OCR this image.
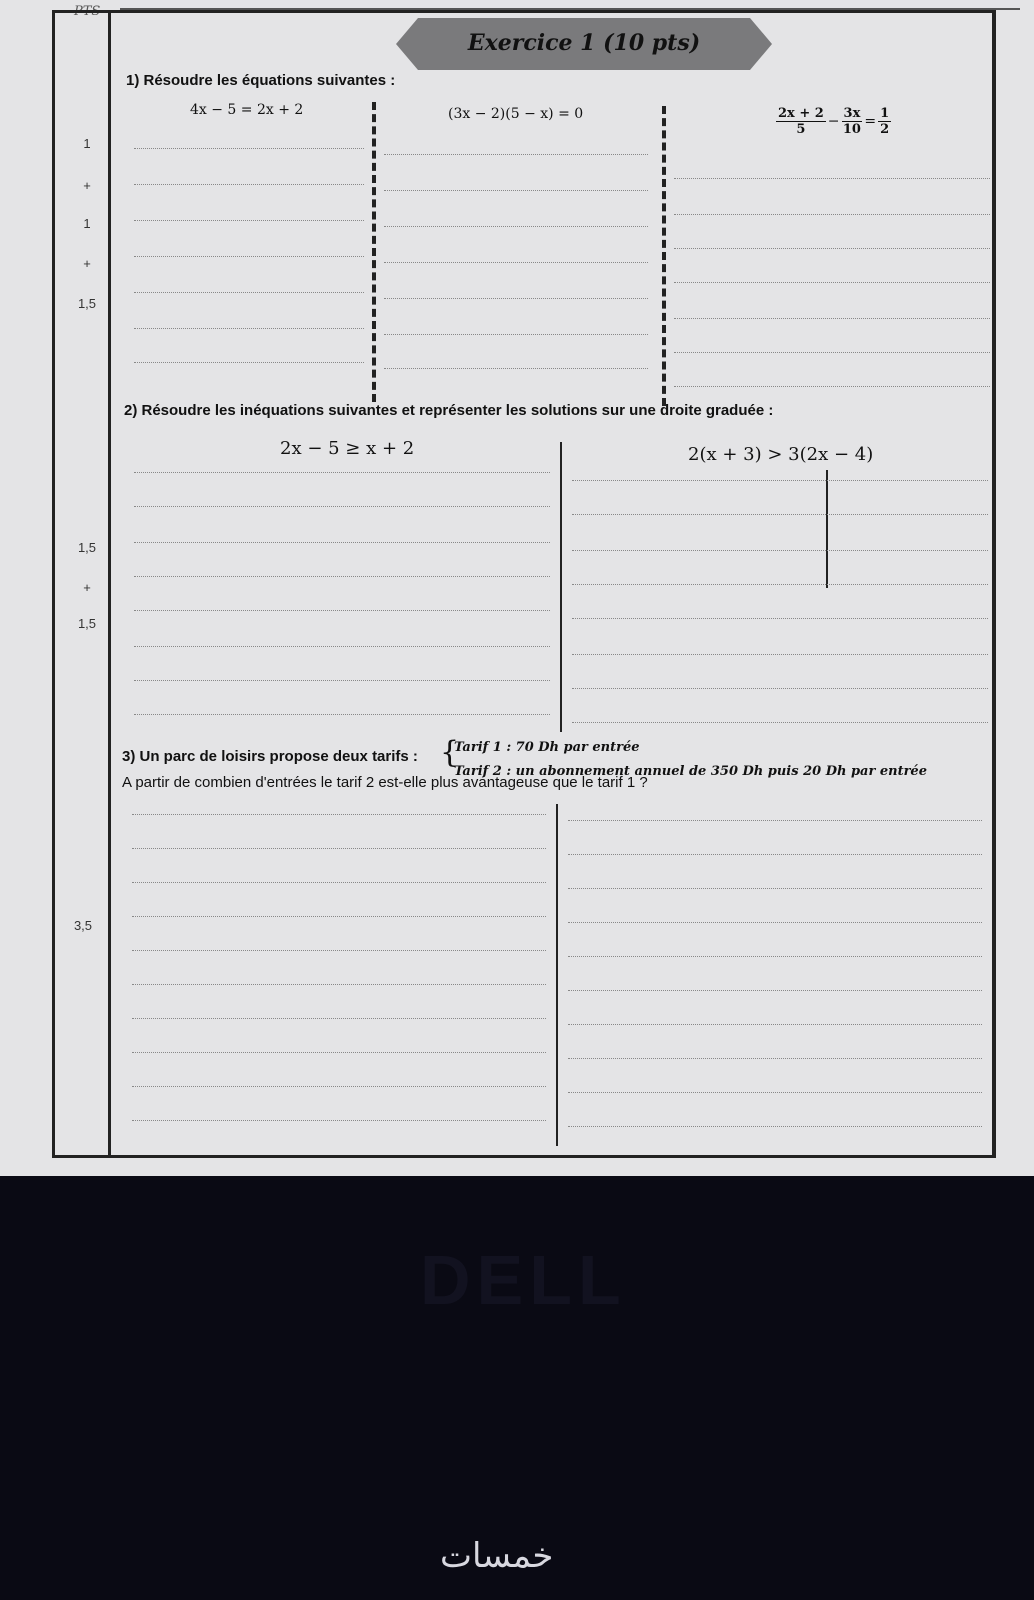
PTS
1
+
1
+
1,5
1,5
+
1,5
3,5
Exercice 1 (10 pts)
1) Résoudre les équations suivantes :
4x − 5 = 2x + 2	(3x − 2)(5 − x) = 0	$\frac{2x + 2}{5} - \frac{3x}{10} = \frac{1}{2}$
2) Résoudre les inéquations suivantes et représenter les solutions sur une droite graduée :
2x − 5 ≥ x + 2	2(x + 3) > 3(2x − 4)
3) Un parc de loisirs propose deux tarifs : {
Tarif 1 : 70 Dh par entrée
Tarif 2 : un abonnement annuel de 350 Dh puis 20 Dh par entrée
A partir de combien d'entrées le tarif 2 est-elle plus avantageuse que le tarif 1 ?
DELL
خمسات
